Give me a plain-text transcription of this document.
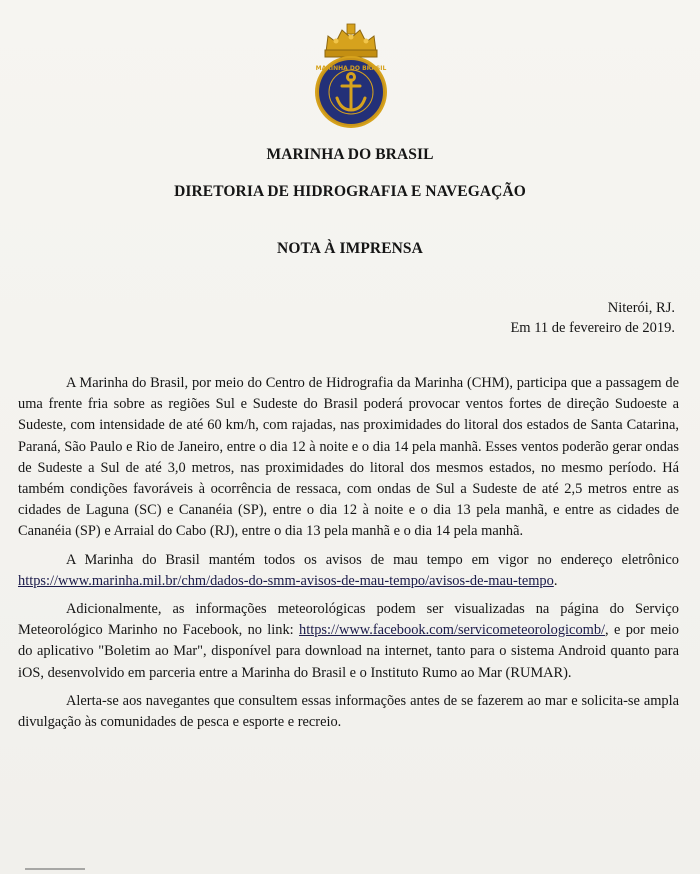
MARINHA DO BRASIL
MARINHA DO BRASIL
DIRETORIA DE HIDROGRAFIA E NAVEGAÇÃO
NOTA À IMPRENSA
Niterói, RJ.
Em 11 de fevereiro de 2019.

A Marinha do Brasil, por meio do Centro de Hidrografia da Marinha (CHM), participa que a passagem de uma frente fria sobre as regiões Sul e Sudeste do Brasil poderá provocar ventos fortes de direção Sudoeste a Sudeste, com intensidade de até 60 km/h, com rajadas, nas proximidades do litoral dos estados de Santa Catarina, Paraná, São Paulo e Rio de Janeiro, entre o dia 12 à noite e o dia 14 pela manhã. Esses ventos poderão gerar ondas de Sudeste a Sul de até 3,0 metros, nas proximidades do litoral dos mesmos estados, no mesmo período. Há também condições favoráveis à ocorrência de ressaca, com ondas de Sul a Sudeste de até 2,5 metros entre as cidades de Laguna (SC) e Cananéia (SP), entre o dia 12 à noite e o dia 13 pela manhã, e entre as cidades de Cananéia (SP) e Arraial do Cabo (RJ), entre o dia 13 pela manhã e o dia 14 pela manhã.

A Marinha do Brasil mantém todos os avisos de mau tempo em vigor no endereço eletrônico https://www.marinha.mil.br/chm/dados-do-smm-avisos-de-mau-tempo/avisos-de-mau-tempo.

Adicionalmente, as informações meteorológicas podem ser visualizadas na página do Serviço Meteorológico Marinho no Facebook, no link: https://www.facebook.com/servicometeorologicomb/, e por meio do aplicativo "Boletim ao Mar", disponível para download na internet, tanto para o sistema Android quanto para iOS, desenvolvido em parceria entre a Marinha do Brasil e o Instituto Rumo ao Mar (RUMAR).

Alerta-se aos navegantes que consultem essas informações antes de se fazerem ao mar e solicita-se ampla divulgação às comunidades de pesca e esporte e recreio.
